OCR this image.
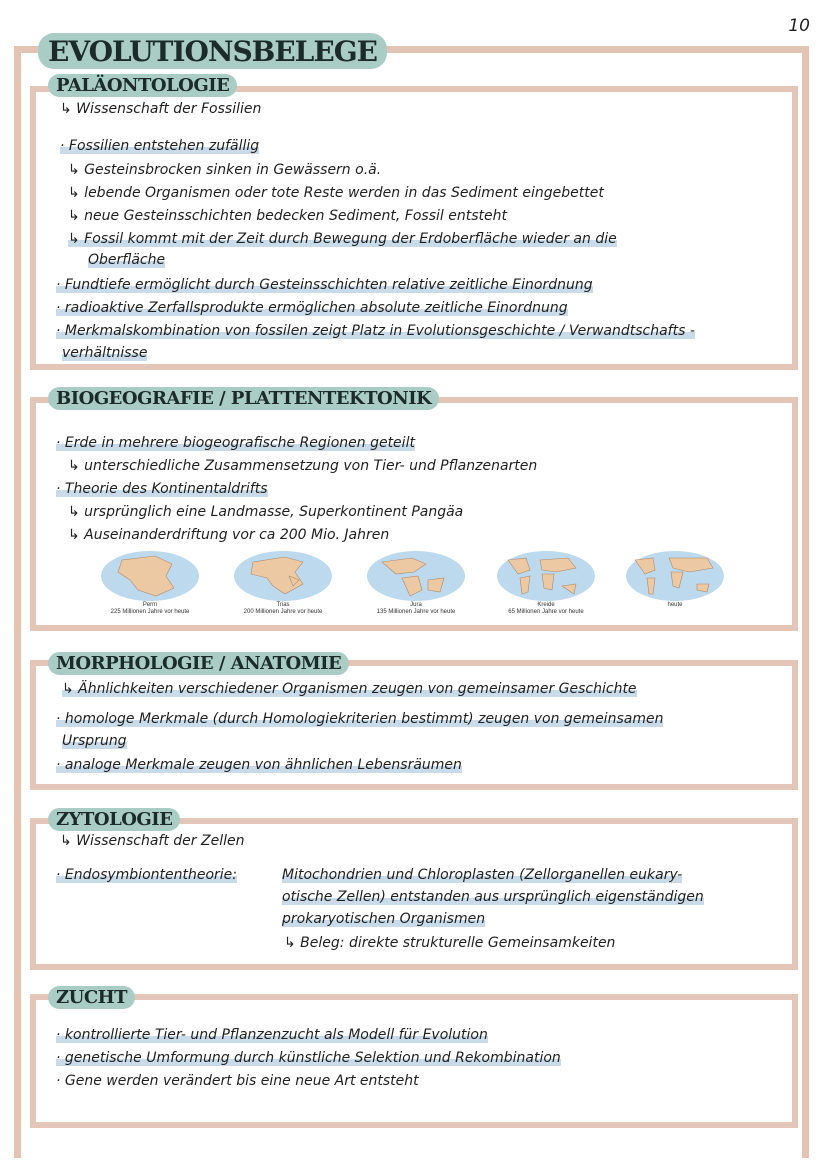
10
EVOLUTIONSBELEGE
PALÄONTOLOGIE
↳ Wissenschaft der Fossilien
· Fossilien entstehen zufällig
↳ Gesteinsbrocken sinken in Gewässern o.ä.
↳ lebende Organismen oder tote Reste werden in das Sediment eingebettet
↳ neue Gesteinsschichten bedecken Sediment, Fossil entsteht
↳ Fossil kommt mit der Zeit durch Bewegung der Erdoberfläche wieder an die
Oberfläche
· Fundtiefe ermöglicht durch Gesteinsschichten relative zeitliche Einordnung
· radioaktive Zerfallsprodukte ermöglichen absolute zeitliche Einordnung
· Merkmalskombination von fossilen zeigt Platz in Evolutionsgeschichte / Verwandtschafts -
verhältnisse
BIOGEOGRAFIE / PLATTENTEKTONIK
· Erde in mehrere biogeografische Regionen geteilt
↳ unterschiedliche Zusammensetzung von Tier- und Pflanzenarten
· Theorie des Kontinentaldrifts
↳ ursprünglich eine Landmasse, Superkontinent Pangäa
↳ Auseinanderdriftung vor ca 200 Mio. Jahren
Perm
225 Millionen Jahre vor heute
Trias
200 Millionen Jahre vor heute
Jura
135 Millionen Jahre vor heute
Kreide
65 Millionen Jahre vor heute
heute
MORPHOLOGIE / ANATOMIE
↳ Ähnlichkeiten verschiedener Organismen zeugen von gemeinsamer Geschichte
· homologe Merkmale (durch Homologiekriterien bestimmt) zeugen von gemeinsamen
Ursprung
· analoge Merkmale zeugen von ähnlichen Lebensräumen
ZYTOLOGIE
↳ Wissenschaft der Zellen
· Endosymbiontentheorie:	Mitochondrien und Chloroplasten (Zellorganellen eukary-
otische Zellen) entstanden aus ursprünglich eigenständigen
prokaryotischen Organismen
↳ Beleg: direkte strukturelle Gemeinsamkeiten
ZUCHT
· kontrollierte Tier- und Pflanzenzucht als Modell für Evolution
· genetische Umformung durch künstliche Selektion und Rekombination
· Gene werden verändert bis eine neue Art entsteht
